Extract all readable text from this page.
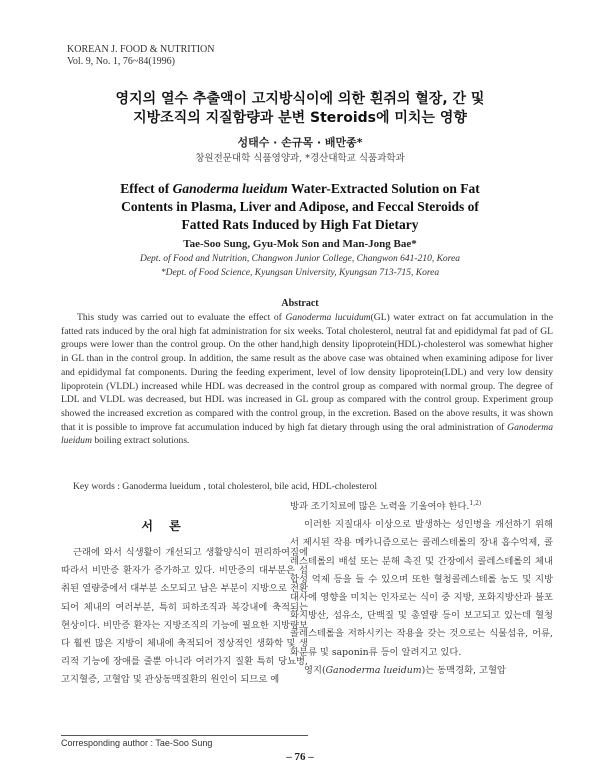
KOREAN J. FOOD & NUTRITION
Vol. 9, No. 1, 76~84(1996)
영지의 열수 추출액이 고지방식이에 의한 흰쥐의 혈장, 간 및
지방조직의 지질함량과 분변 Steroids에 미치는 영향
성태수 · 손규목 · 배만종*
창원전문대학 식품영양과, *경산대학교 식품과학과
Effect of Ganoderma lueidum Water-Extracted Solution on Fat
Contents in Plasma, Liver and Adipose, and Feccal Steroids of
Fatted Rats Induced by High Fat Dietary
Tae-Soo Sung, Gyu-Mok Son and Man-Jong Bae*
Dept. of Food and Nutrition, Changwon Junior College, Changwon 641-210, Korea
*Dept. of Food Science, Kyungsan University, Kyungsan 713-715, Korea
Abstract

This study was carried out to evaluate the effect of Ganoderma lucuidum(GL) water extract on fat accumulation in the fatted rats induced by the oral high fat administration for six weeks. Total cholesterol, neutral fat and epididymal fat pad of GL groups were lower than the control group. On the other hand,high density lipoprotein(HDL)-cholesterol was somewhat higher in GL than in the control group. In addition, the same result as the above case was obtained when examining adipose for liver and epididymal fat components. During the feeding experiment, level of low density lipoprotein(LDL) and very low density lipoprotein (VLDL) increased while HDL was decreased in the control group as compared with normal group. The degree of LDL and VLDL was decreased, but HDL was increased in GL group as compared with the control group. Experiment group showed the increased excretion as compared with the control group, in the excretion. Based on the above results, it was shown that it is possible to improve fat accumulation induced by high fat dietary through using the oral administration of Ganoderma lueidum boiling extract solutions.

Key words : Ganoderma lueidum , total cholesterol, bile acid, HDL-cholesterol
서 론

근래에 와서 식생활이 개선되고 생활양식이 편리하여짐에 따라서 비만증 환자가 증가하고 있다. 비만증의 대부분은 섭취된 열량중에서 대부분 소모되고 남은 부분이 지방으로 전환되어 체내의 여러부분, 특히 피하조직과 복강내에 축적되는 현상이다. 비만증 환자는 지방조직의 기능에 필요한 지방량보다 훨씬 많은 지방이 체내에 축적되어 정상적인 생화학 및 생리적 기능에 장애를 줄뿐 아니라 여러가지 질환 특히 당뇨병, 고지혈증, 고혈압 및 관상동맥질환의 원인이 되므로 예

방과 조기치료에 많은 노력을 기울여야 한다.$^{1,2)}$

이러한 지질대사 이상으로 발생하는 성인병을 개선하기 위해서 제시된 작용 메카니즘으로는 콜레스테롤의 장내 흡수억제, 콜레스테롤의 배설 또는 분해 촉진 및 간장에서 콜레스테롤의 체내합성 억제 등을 들 수 있으며 또한 혈청콜레스테롤 농도 및 지방대사에 영향을 미치는 인자로는 식이 중 지방, 포화지방산과 불포화지방산, 섬유소, 단백질 및 총열량 등이 보고되고 있는데 혈청콜레스테롤을 저하시키는 작용을 갖는 것으로는 식물섬유, 어류, 화분류 및 saponin류 등이 알려지고 있다.

영지(Ganoderma lueidum)는 동맥경화, 고혈압

Corresponding author : Tae-Soo Sung
– 76 –
